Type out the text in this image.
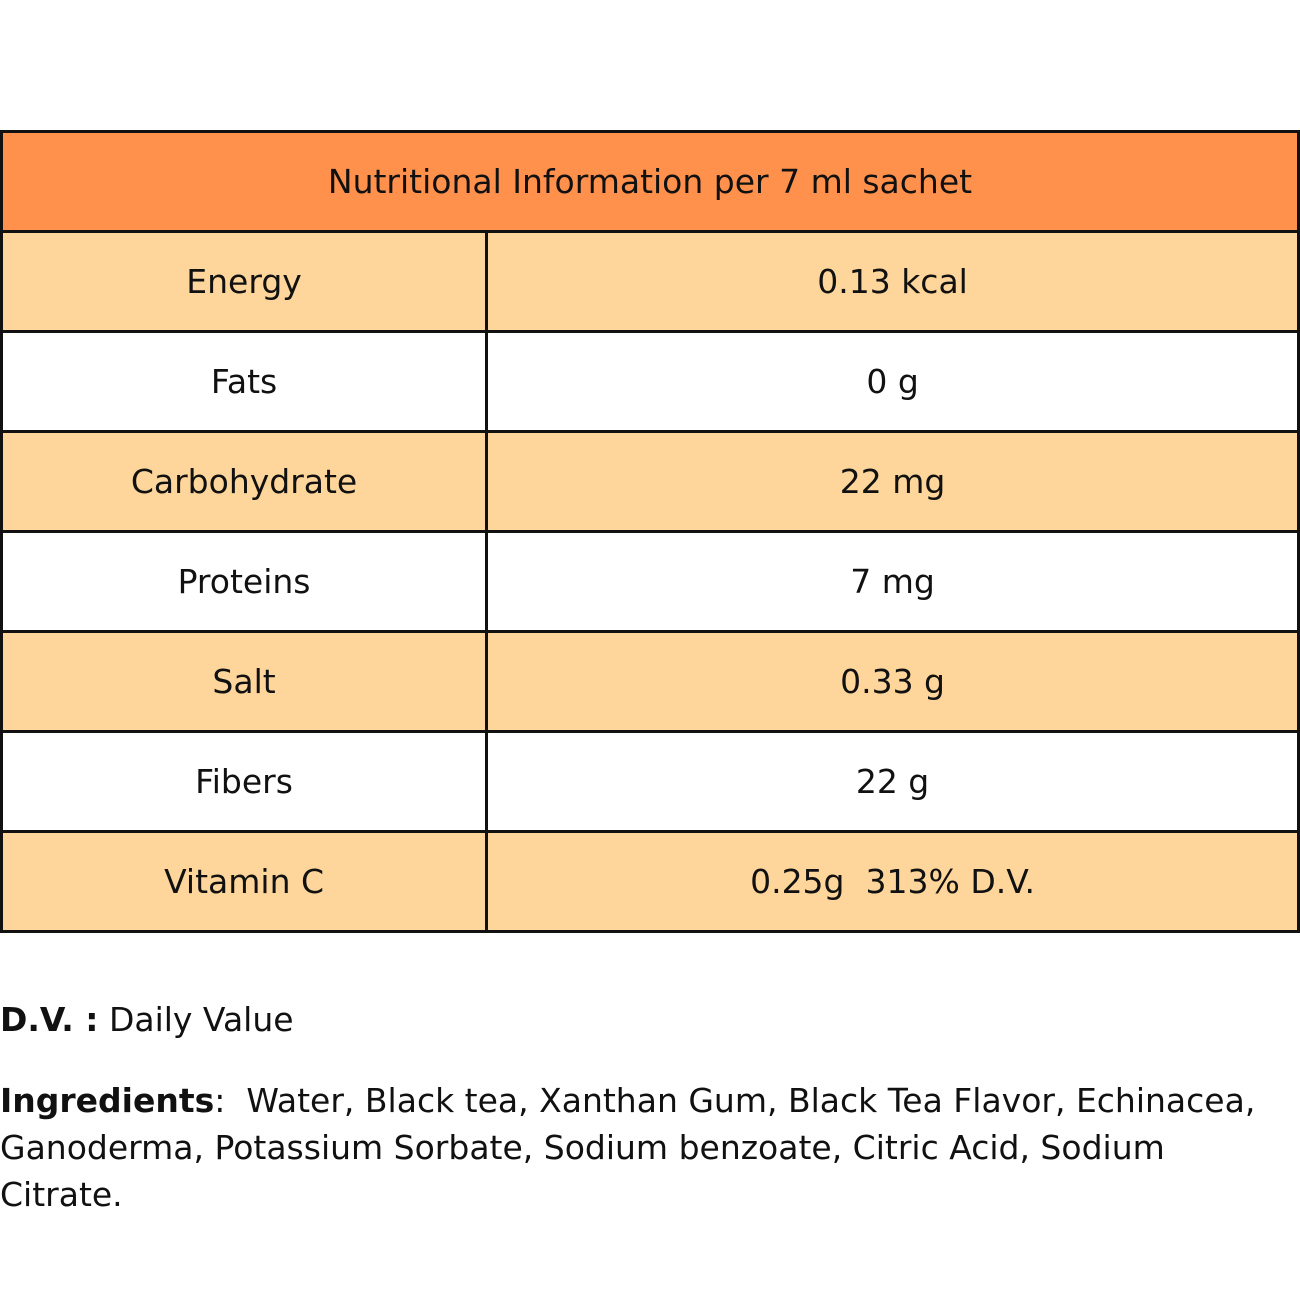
Nutritional Information per 7 ml sachet	
Energy	0.13 kcal
Fats	0 g
Carbohydrate	22 mg
Proteins	7 mg
Salt	0.33 g
Fibers	22 g
Vitamin C	0.25g  313% D.V.

D.V. : Daily Value

Ingredients:  Water, Black tea, Xanthan Gum, Black Tea Flavor, Echinacea, Ganoderma, Potassium Sorbate, Sodium benzoate, Citric Acid, Sodium Citrate.
